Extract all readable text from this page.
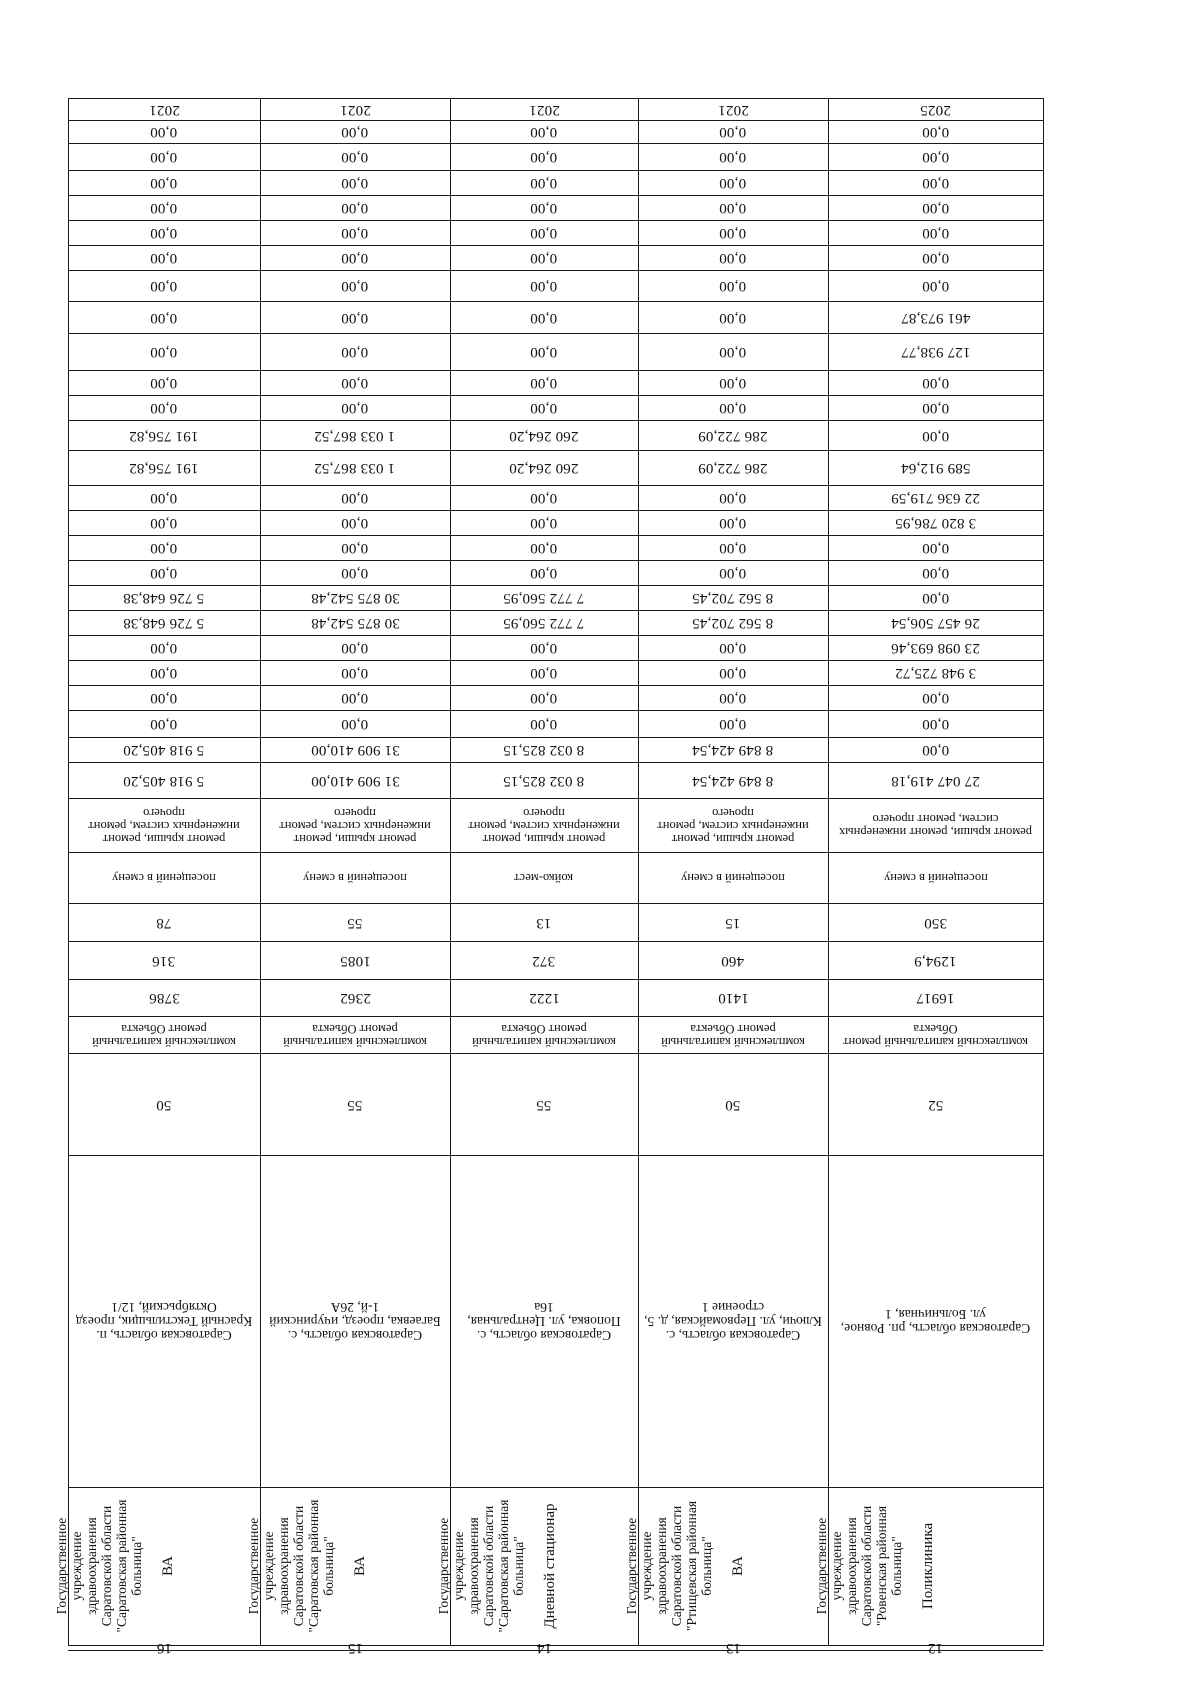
2021
5 918 405,20
5 918 405,20
0,00
0,00
0,00
0,00
5 726 648,38
5 726 648,38
0,00
0,00
0,00
0,00
191 756,82
191 756,82
0,00
0,00
0,00
0,00
0,00
0,00
0,00
0,00
0,00
0,00
0,00
ремонт крыши, ремонт инженерных систем, ремонт прочего
посещений в смену
78
316
3786
комплексный капитальный ремонт Объекта
50
Саратовская область, п. Красный Текстильщик, проезд Октябрьский, 12/1
ВА
Государственное учреждение здравоохранения Саратовской области "Саратовская районная больница"
16
2021
31 909 410,00
31 909 410,00
0,00
0,00
0,00
0,00
30 875 542,48
30 875 542,48
0,00
0,00
0,00
0,00
1 033 867,52
1 033 867,52
0,00
0,00
0,00
0,00
0,00
0,00
0,00
0,00
0,00
0,00
0,00
ремонт крыши, ремонт инженерных систем, ремонт прочего
посещений в смену
55
1085
2362
комплексный капитальный ремонт Объекта
55
Саратовская область, с. Багаевка, проезд, ичуринский 1-й, 26А
ВА
Государственное учреждение здравоохранения Саратовской области "Саратовская районная больница"
15
2021
8 032 825,15
8 032 825,15
0,00
0,00
0,00
0,00
7 772 560,95
7 772 560,95
0,00
0,00
0,00
0,00
260 264,20
260 264,20
0,00
0,00
0,00
0,00
0,00
0,00
0,00
0,00
0,00
0,00
0,00
ремонт крыши, ремонт инженерных систем, ремонт прочего
койко-мест
13
372
1222
комплексный капитальный ремонт Объекта
55
Саратовская область, с. Поповка, ул. Центральная, 16а
Дневной стационар
Государственное учреждение здравоохранения Саратовской области "Саратовская районная больница"
14
2021
8 849 424,54
8 849 424,54
0,00
0,00
0,00
0,00
8 562 702,45
8 562 702,45
0,00
0,00
0,00
0,00
286 722,09
286 722,09
0,00
0,00
0,00
0,00
0,00
0,00
0,00
0,00
0,00
0,00
0,00
ремонт крыши, ремонт инженерных систем, ремонт прочего
посещений в смену
15
460
1410
комплексный капитальный ремонт Объекта
50
Саратовская область, с. Ключи, ул. Первомайская, д. 5, строение 1
ВА
Государственное учреждение здравоохранения Саратовской области "Ртищевская районная больница"
13
2025
27 047 419,18
0,00
0,00
0,00
3 948 725,72
23 098 693,46
26 457 506,54
0,00
0,00
0,00
3 820 786,95
22 636 719,59
589 912,64
0,00
0,00
0,00
127 938,77
461 973,87
0,00
0,00
0,00
0,00
0,00
0,00
0,00
ремонт крыши, ремонт инженерных систем, ремонт прочего
посещений в смену
350
1294,9
16917
комплексный капитальный ремонт Объекта
52
Саратовская область, рп. Ровное, ул. Больничная, 1
Поликлиника
Государственное учреждение здравоохранения Саратовской области "Ровенская районная больница"
12
